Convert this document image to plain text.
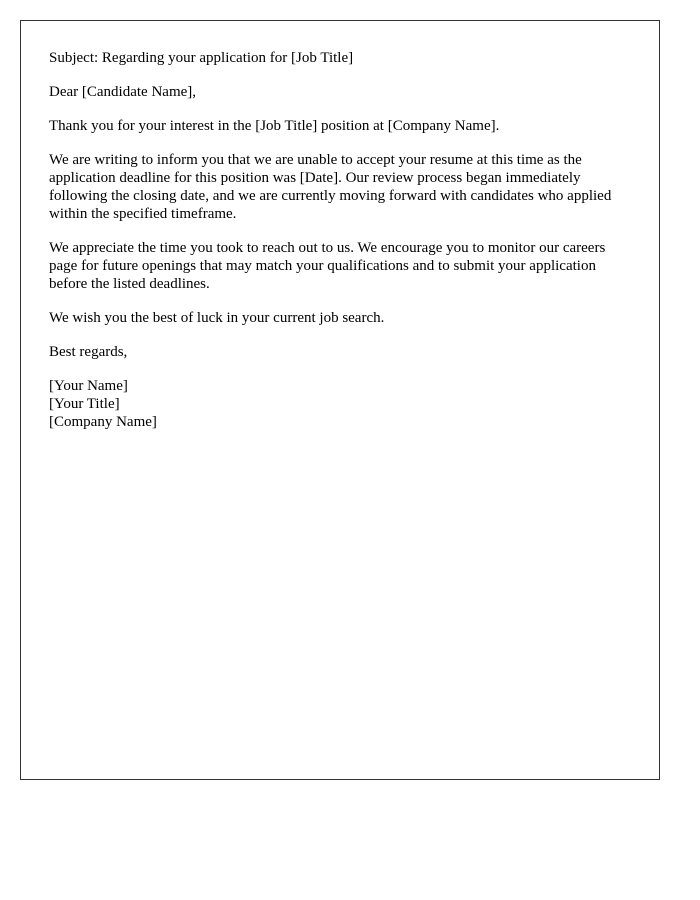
Subject: Regarding your application for [Job Title]

Dear [Candidate Name],

Thank you for your interest in the [Job Title] position at [Company Name].

We are writing to inform you that we are unable to accept your resume at this time as the application deadline for this position was [Date]. Our review process began immediately following the closing date, and we are currently moving forward with candidates who applied within the specified timeframe.

We appreciate the time you took to reach out to us. We encourage you to monitor our careers page for future openings that may match your qualifications and to submit your application before the listed deadlines.

We wish you the best of luck in your current job search.

Best regards,

[Your Name]
[Your Title]
[Company Name]
